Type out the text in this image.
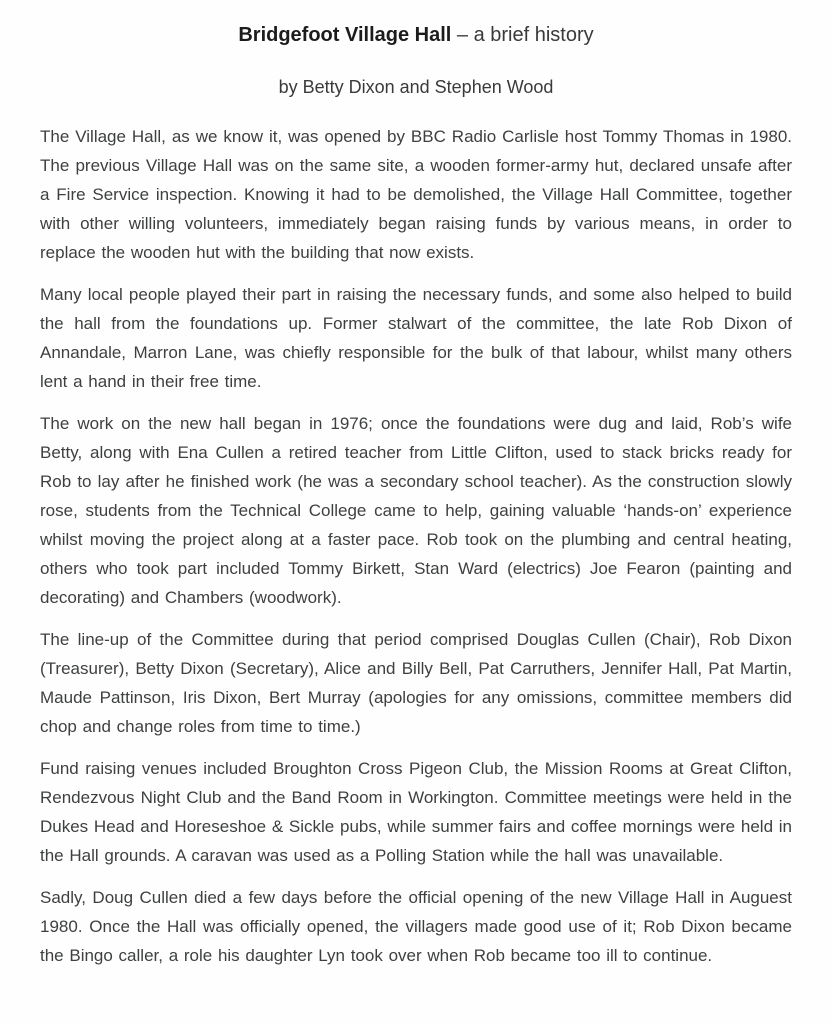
Bridgefoot Village Hall – a brief history

by Betty Dixon and Stephen Wood

The Village Hall, as we know it, was opened by BBC Radio Carlisle host Tommy Thomas in 1980. The previous Village Hall was on the same site, a wooden former-army hut, declared unsafe after a Fire Service inspection. Knowing it had to be demolished, the Village Hall Committee, together with other willing volunteers, immediately began raising funds by various means, in order to replace the wooden hut with the building that now exists.

Many local people played their part in raising the necessary funds, and some also helped to build the hall from the foundations up. Former stalwart of the committee, the late Rob Dixon of Annandale, Marron Lane, was chiefly responsible for the bulk of that labour, whilst many others lent a hand in their free time.

The work on the new hall began in 1976; once the foundations were dug and laid, Rob’s wife Betty, along with Ena Cullen a retired teacher from Little Clifton, used to stack bricks ready for Rob to lay after he finished work (he was a secondary school teacher). As the construction slowly rose, students from the Technical College came to help, gaining valuable ‘hands-on’ experience whilst moving the project along at a faster pace. Rob took on the plumbing and central heating, others who took part included Tommy Birkett, Stan Ward (electrics) Joe Fearon (painting and decorating) and Chambers (woodwork).

The line-up of the Committee during that period comprised Douglas Cullen (Chair), Rob Dixon (Treasurer), Betty Dixon (Secretary), Alice and Billy Bell, Pat Carruthers, Jennifer Hall, Pat Martin, Maude Pattinson, Iris Dixon, Bert Murray (apologies for any omissions, committee members did chop and change roles from time to time.)

Fund raising venues included Broughton Cross Pigeon Club, the Mission Rooms at Great Clifton, Rendezvous Night Club and the Band Room in Workington. Committee meetings were held in the Dukes Head and Horeseshoe & Sickle pubs, while summer fairs and coffee mornings were held in the Hall grounds. A caravan was used as a Polling Station while the hall was unavailable.

Sadly, Doug Cullen died a few days before the official opening of the new Village Hall in Auguest 1980. Once the Hall was officially opened, the villagers made good use of it; Rob Dixon became the Bingo caller, a role his daughter Lyn took over when Rob became too ill to continue.
